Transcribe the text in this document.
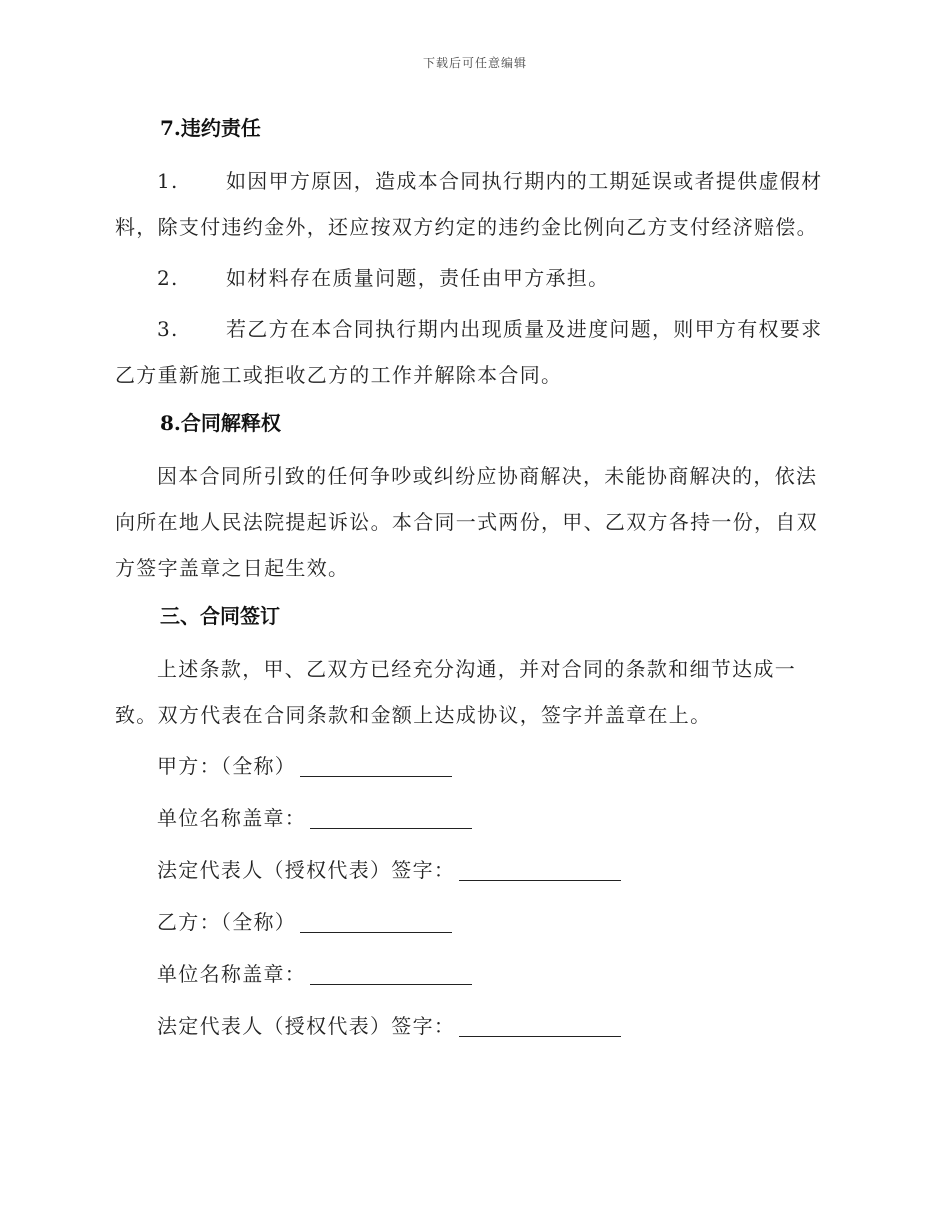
下载后可任意编辑
7.违约责任

1. 如因甲方原因，造成本合同执行期内的工期延误或者提供虚假材料，除支付违约金外，还应按双方约定的违约金比例向乙方支付经济赔偿。

2. 如材料存在质量问题，责任由甲方承担。

3. 若乙方在本合同执行期内出现质量及进度问题，则甲方有权要求乙方重新施工或拒收乙方的工作并解除本合同。

8.合同解释权

因本合同所引致的任何争吵或纠纷应协商解决，未能协商解决的，依法向所在地人民法院提起诉讼。本合同一式两份，甲、乙双方各持一份，自双方签字盖章之日起生效。

三、合同签订

上述条款，甲、乙双方已经充分沟通，并对合同的条款和细节达成一致。双方代表在合同条款和金额上达成协议，签字并盖章在上。

甲方：（全称）
单位名称盖章：
法定代表人（授权代表）签字：
乙方：（全称）
单位名称盖章：
法定代表人（授权代表）签字：
